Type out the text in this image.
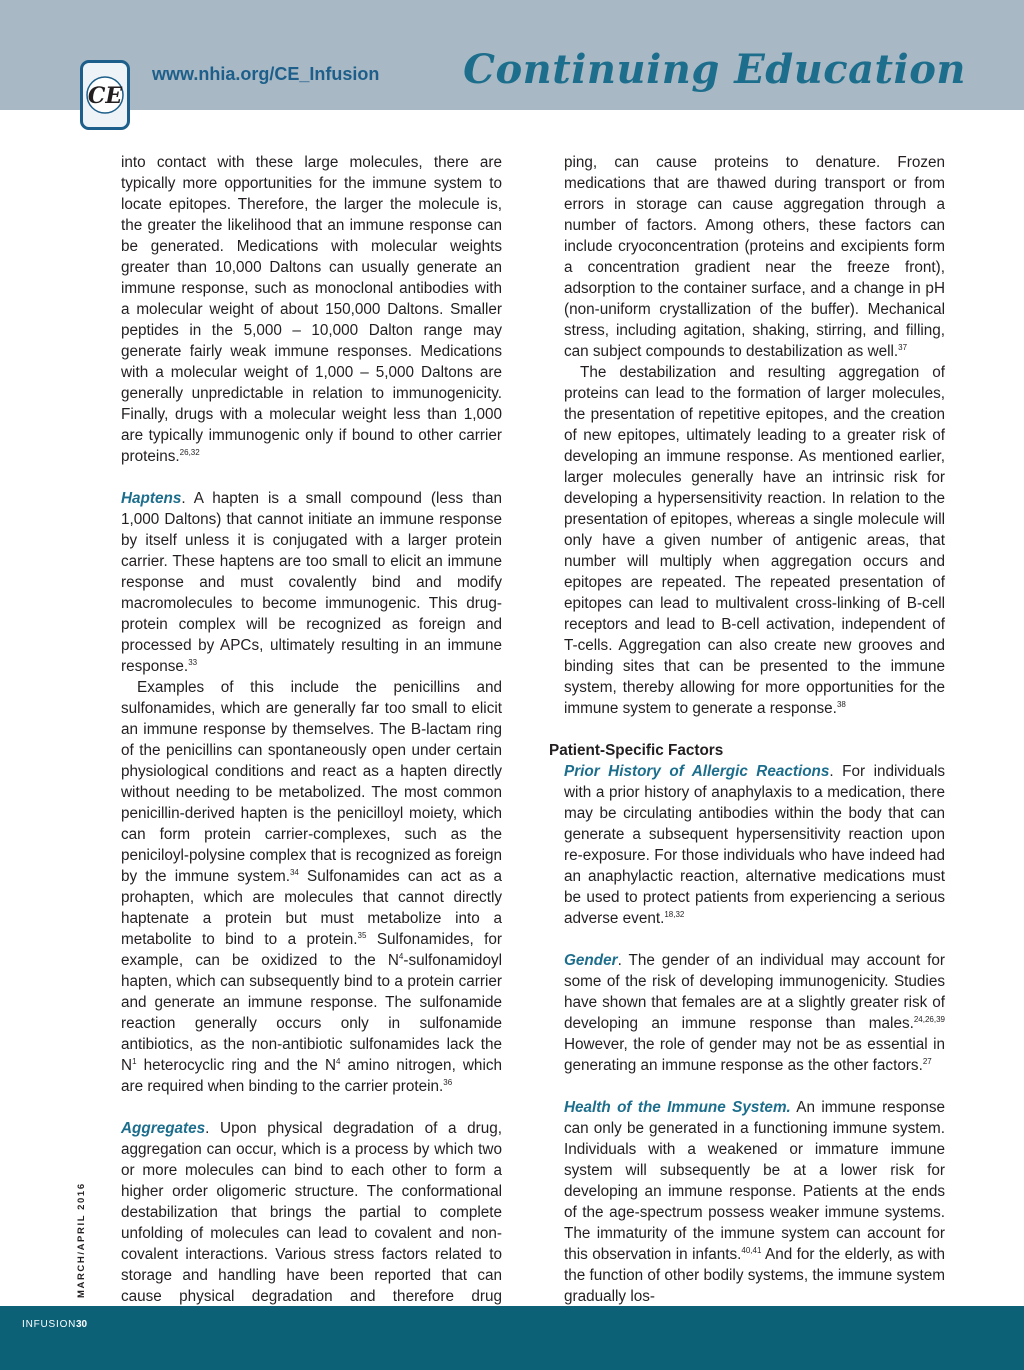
CE
www.nhia.org/CE_Infusion Continuing Education

into contact with these large molecules, there are typically more opportunities for the immune system to locate epitopes. Therefore, the larger the molecule is, the greater the likelihood that an immune response can be generated. Medications with molecular weights greater than 10,000 Daltons can usually generate an immune response, such as monoclonal antibodies with a molecular weight of about 150,000 Daltons. Smaller peptides in the 5,000 – 10,000 Dalton range may generate fairly weak immune responses. Medications with a molecular weight of 1,000 – 5,000 Daltons are generally unpredictable in relation to immunogenicity. Finally, drugs with a molecular weight less than 1,000 are typically immunogenic only if bound to other carrier proteins.$^{26,32}$

Haptens. A hapten is a small compound (less than 1,000 Daltons) that cannot initiate an immune response by itself unless it is conjugated with a larger protein carrier. These haptens are too small to elicit an immune response and must covalently bind and modify macromolecules to become immunogenic. This drug-protein complex will be recognized as foreign and processed by APCs, ultimately resulting in an immune response.$^{33}$

Examples of this include the penicillins and sulfonamides, which are generally far too small to elicit an immune response by themselves. The B-lactam ring of the penicillins can spontaneously open under certain physiological conditions and react as a hapten directly without needing to be metabolized. The most common penicillin-derived hapten is the penicilloyl moiety, which can form protein carrier-complexes, such as the peniciloyl-polysine complex that is recognized as foreign by the immune system.$^{34}$ Sulfonamides can act as a prohapten, which are molecules that cannot directly haptenate a protein but must metabolize into a metabolite to bind to a protein.$^{35}$ Sulfonamides, for example, can be oxidized to the $N^4$-sulfonamidoyl hapten, which can subsequently bind to a protein carrier and generate an immune response. The sulfonamide reaction generally occurs only in sulfonamide antibiotics, as the non-antibiotic sulfonamides lack the $N^1$ heterocyclic ring and the $N^4$ amino nitrogen, which are required when binding to the carrier protein.$^{36}$

Aggregates. Upon physical degradation of a drug, aggregation can occur, which is a process by which two or more molecules can bind to each other to form a higher order oligomeric structure. The conformational destabilization that brings the partial to complete unfolding of molecules can lead to covalent and non-covalent interactions. Various stress factors related to storage and handling have been reported that can cause physical degradation and therefore drug

ping, can cause proteins to denature. Frozen medications that are thawed during transport or from errors in storage can cause aggregation through a number of factors. Among others, these factors can include cryoconcentration (proteins and excipients form a concentration gradient near the freeze front), adsorption to the container surface, and a change in pH (non-uniform crystallization of the buffer). Mechanical stress, including agitation, shaking, stirring, and filling, can subject compounds to destabilization as well.$^{37}$

The destabilization and resulting aggregation of proteins can lead to the formation of larger molecules, the presentation of repetitive epitopes, and the creation of new epitopes, ultimately leading to a greater risk of developing an immune response. As mentioned earlier, larger molecules generally have an intrinsic risk for developing a hypersensitivity reaction. In relation to the presentation of epitopes, whereas a single molecule will only have a given number of antigenic areas, that number will multiply when aggregation occurs and epitopes are repeated. The repeated presentation of epitopes can lead to multivalent cross-linking of B-cell receptors and lead to B-cell activation, independent of T-cells. Aggregation can also create new grooves and binding sites that can be presented to the immune system, thereby allowing for more opportunities for the immune system to generate a response.$^{38}$

Patient-Specific Factors

Prior History of Allergic Reactions. For individuals with a prior history of anaphylaxis to a medication, there may be circulating antibodies within the body that can generate a subsequent hypersensitivity reaction upon re-exposure. For those individuals who have indeed had an anaphylactic reaction, alternative medications must be used to protect patients from experiencing a serious adverse event.$^{18,32}$

Gender. The gender of an individual may account for some of the risk of developing immunogenicity. Studies have shown that females are at a slightly greater risk of developing an immune response than males.$^{24,26,39}$ However, the role of gender may not be as essential in generating an immune response as the other factors.$^{27}$

Health of the Immune System. An immune response can only be generated in a functioning immune system. Individuals with a weakened or immature immune system will subsequently be at a lower risk for developing an immune response. Patients at the ends of the age-spectrum possess weaker immune systems. The immaturity of the immune system can account for this observation in infants.$^{40,41}$ And for the elderly, as with the function of other bodily systems, the immune system gradually los-

MARCH/APRIL 2016
INFUSION 30
